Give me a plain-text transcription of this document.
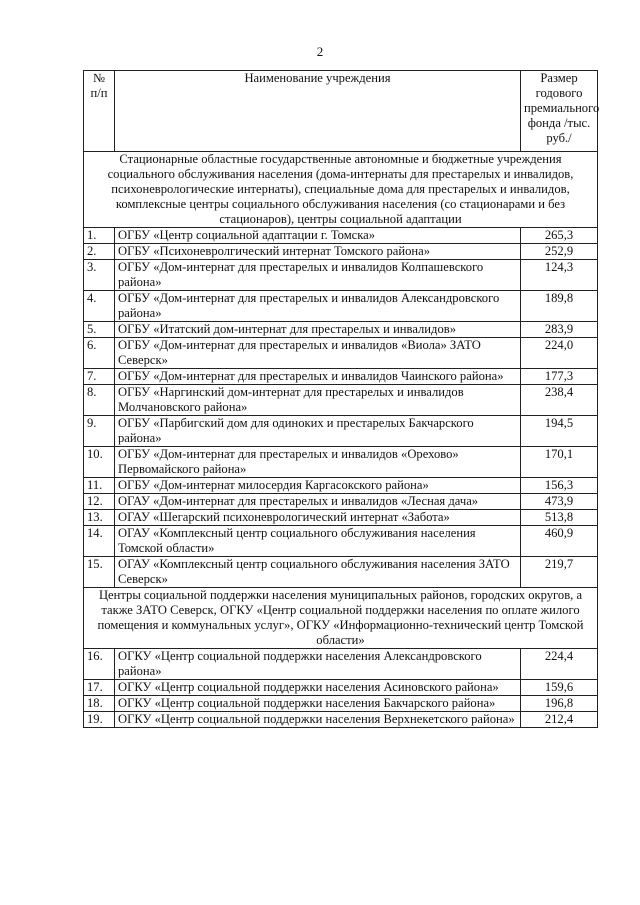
2
№ п/п	Наименование учреждения	Размер годового премиального фонда /тыс. руб./
Стационарные областные государственные автономные и бюджетные учреждения социального обслуживания населения (дома-интернаты для престарелых и инвалидов, психоневрологические интернаты), специальные дома для престарелых и инвалидов, комплексные центры социального обслуживания населения (со стационарами и без стационаров), центры социальной адаптации		
1.	ОГБУ «Центр социальной адаптации г. Томска»	265,3
2.	ОГБУ «Психоневролгический интернат Томского района»	252,9
3.	ОГБУ «Дом-интернат для престарелых и инвалидов Колпашевского района»	124,3
4.	ОГБУ «Дом-интернат для престарелых и инвалидов Александровского района»	189,8
5.	ОГБУ «Итатский дом-интернат для престарелых и инвалидов»	283,9
6.	ОГБУ «Дом-интернат для престарелых и инвалидов «Виола» ЗАТО Северск»	224,0
7.	ОГБУ «Дом-интернат для престарелых и инвалидов Чаинского района»	177,3
8.	ОГБУ «Наргинский дом-интернат для престарелых и инвалидов Молчановского района»	238,4
9.	ОГБУ «Парбигский дом для одиноких и престарелых Бакчарского района»	194,5
10.	ОГБУ «Дом-интернат для престарелых и инвалидов «Орехово» Первомайского района»	170,1
11.	ОГБУ «Дом-интернат милосердия Каргасокского района»	156,3
12.	ОГАУ «Дом-интернат для престарелых и инвалидов «Лесная дача»	473,9
13.	ОГАУ «Шегарский психоневрологический интернат «Забота»	513,8
14.	ОГАУ «Комплексный центр социального обслуживания населения Томской области»	460,9
15.	ОГАУ «Комплексный центр социального обслуживания населения ЗАТО Северск»	219,7
Центры социальной поддержки населения муниципальных районов, городских округов, а также ЗАТО Северск, ОГКУ «Центр социальной поддержки населения по оплате жилого помещения и коммунальных услуг», ОГКУ «Информационно-технический центр Томской области»		
16.	ОГКУ «Центр социальной поддержки населения Александровского района»	224,4
17.	ОГКУ «Центр социальной поддержки населения Асиновского района»	159,6
18.	ОГКУ «Центр социальной поддержки населения Бакчарского района»	196,8
19.	ОГКУ «Центр социальной поддержки населения Верхнекетского района»	212,4
